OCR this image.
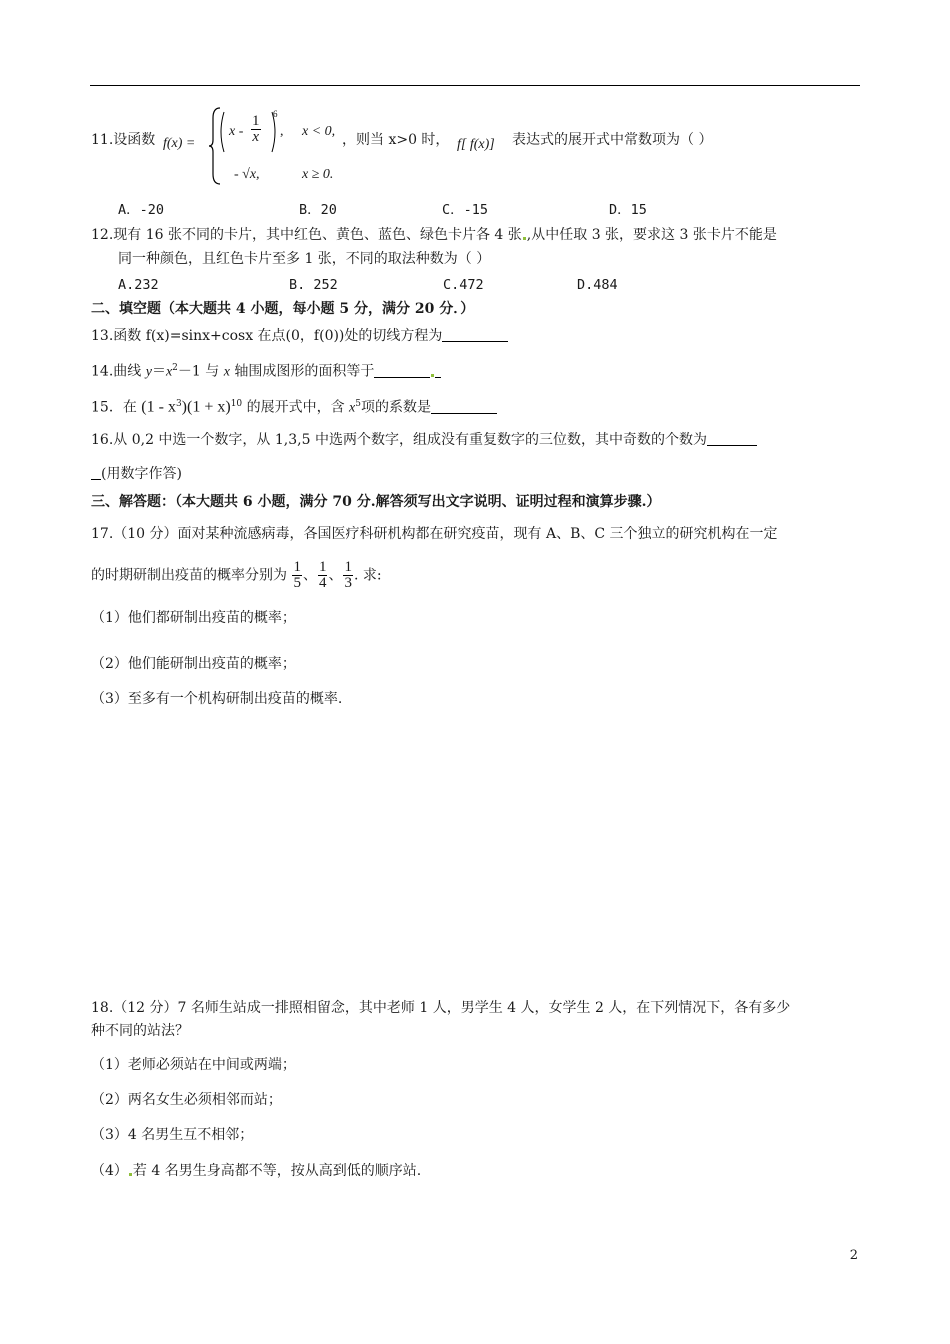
11.设函数 f(x) =
x - $\frac{1}{x} 6$
, x < 0,
- √x,	x ≥ 0.
，则当 x>0 时， f[ f(x)] 表达式的展开式中常数项为（ ）
A．-20	B．20	C．-15	D．15
12.现有 16 张不同的卡片，其中红色、黄色、蓝色、绿色卡片各 4 张 ,从中任取 3 张，要求这 3 张卡片不能是
同一种颜色，且红色卡片至多 1 张，不同的取法种数为（ ）
A.232	B. 252	C.472	D.484
二、填空题（本大题共 4 小题，每小题 5 分，满分 20 分．）
13.函数 f(x)=sinx+cosx 在点(0，f(0))处的切线方程为
14.曲线 $y=x^2-1$ 与 x 轴围成图形的面积等于
15．在 $(1 - x^3)(1 + x)^{10}$ 的展开式中，含 $x^5$项的系数是
16.从 0,2 中选一个数字，从 1,3,5 中选两个数字，组成没有重复数字的三位数，其中奇数的个数为
(用数字作答)
三、解答题：（本大题共 6 小题，满分 70 分.解答须写出文字说明、证明过程和演算步骤.）
17.（10 分）面对某种流感病毒，各国医疗科研机构都在研究疫苗，现有 A、B、C 三个独立的研究机构在一定
的时期研制出疫苗的概率分别为 $\frac{1}{5}$ 、 $\frac{1}{4}$ 、 $\frac{1}{3}$ . 求:
（1）他们都研制出疫苗的概率；
（2）他们能研制出疫苗的概率；
（3）至多有一个机构研制出疫苗的概率.
18.（12 分）7 名师生站成一排照相留念，其中老师 1 人，男学生 4 人，女学生 2 人，在下列情况下，各有多少
种不同的站法？
（1）老师必须站在中间或两端；
（2）两名女生必须相邻而站；
（3）4 名男生互不相邻；
（4） 若 4 名男生身高都不等，按从高到低的顺序站.
2
